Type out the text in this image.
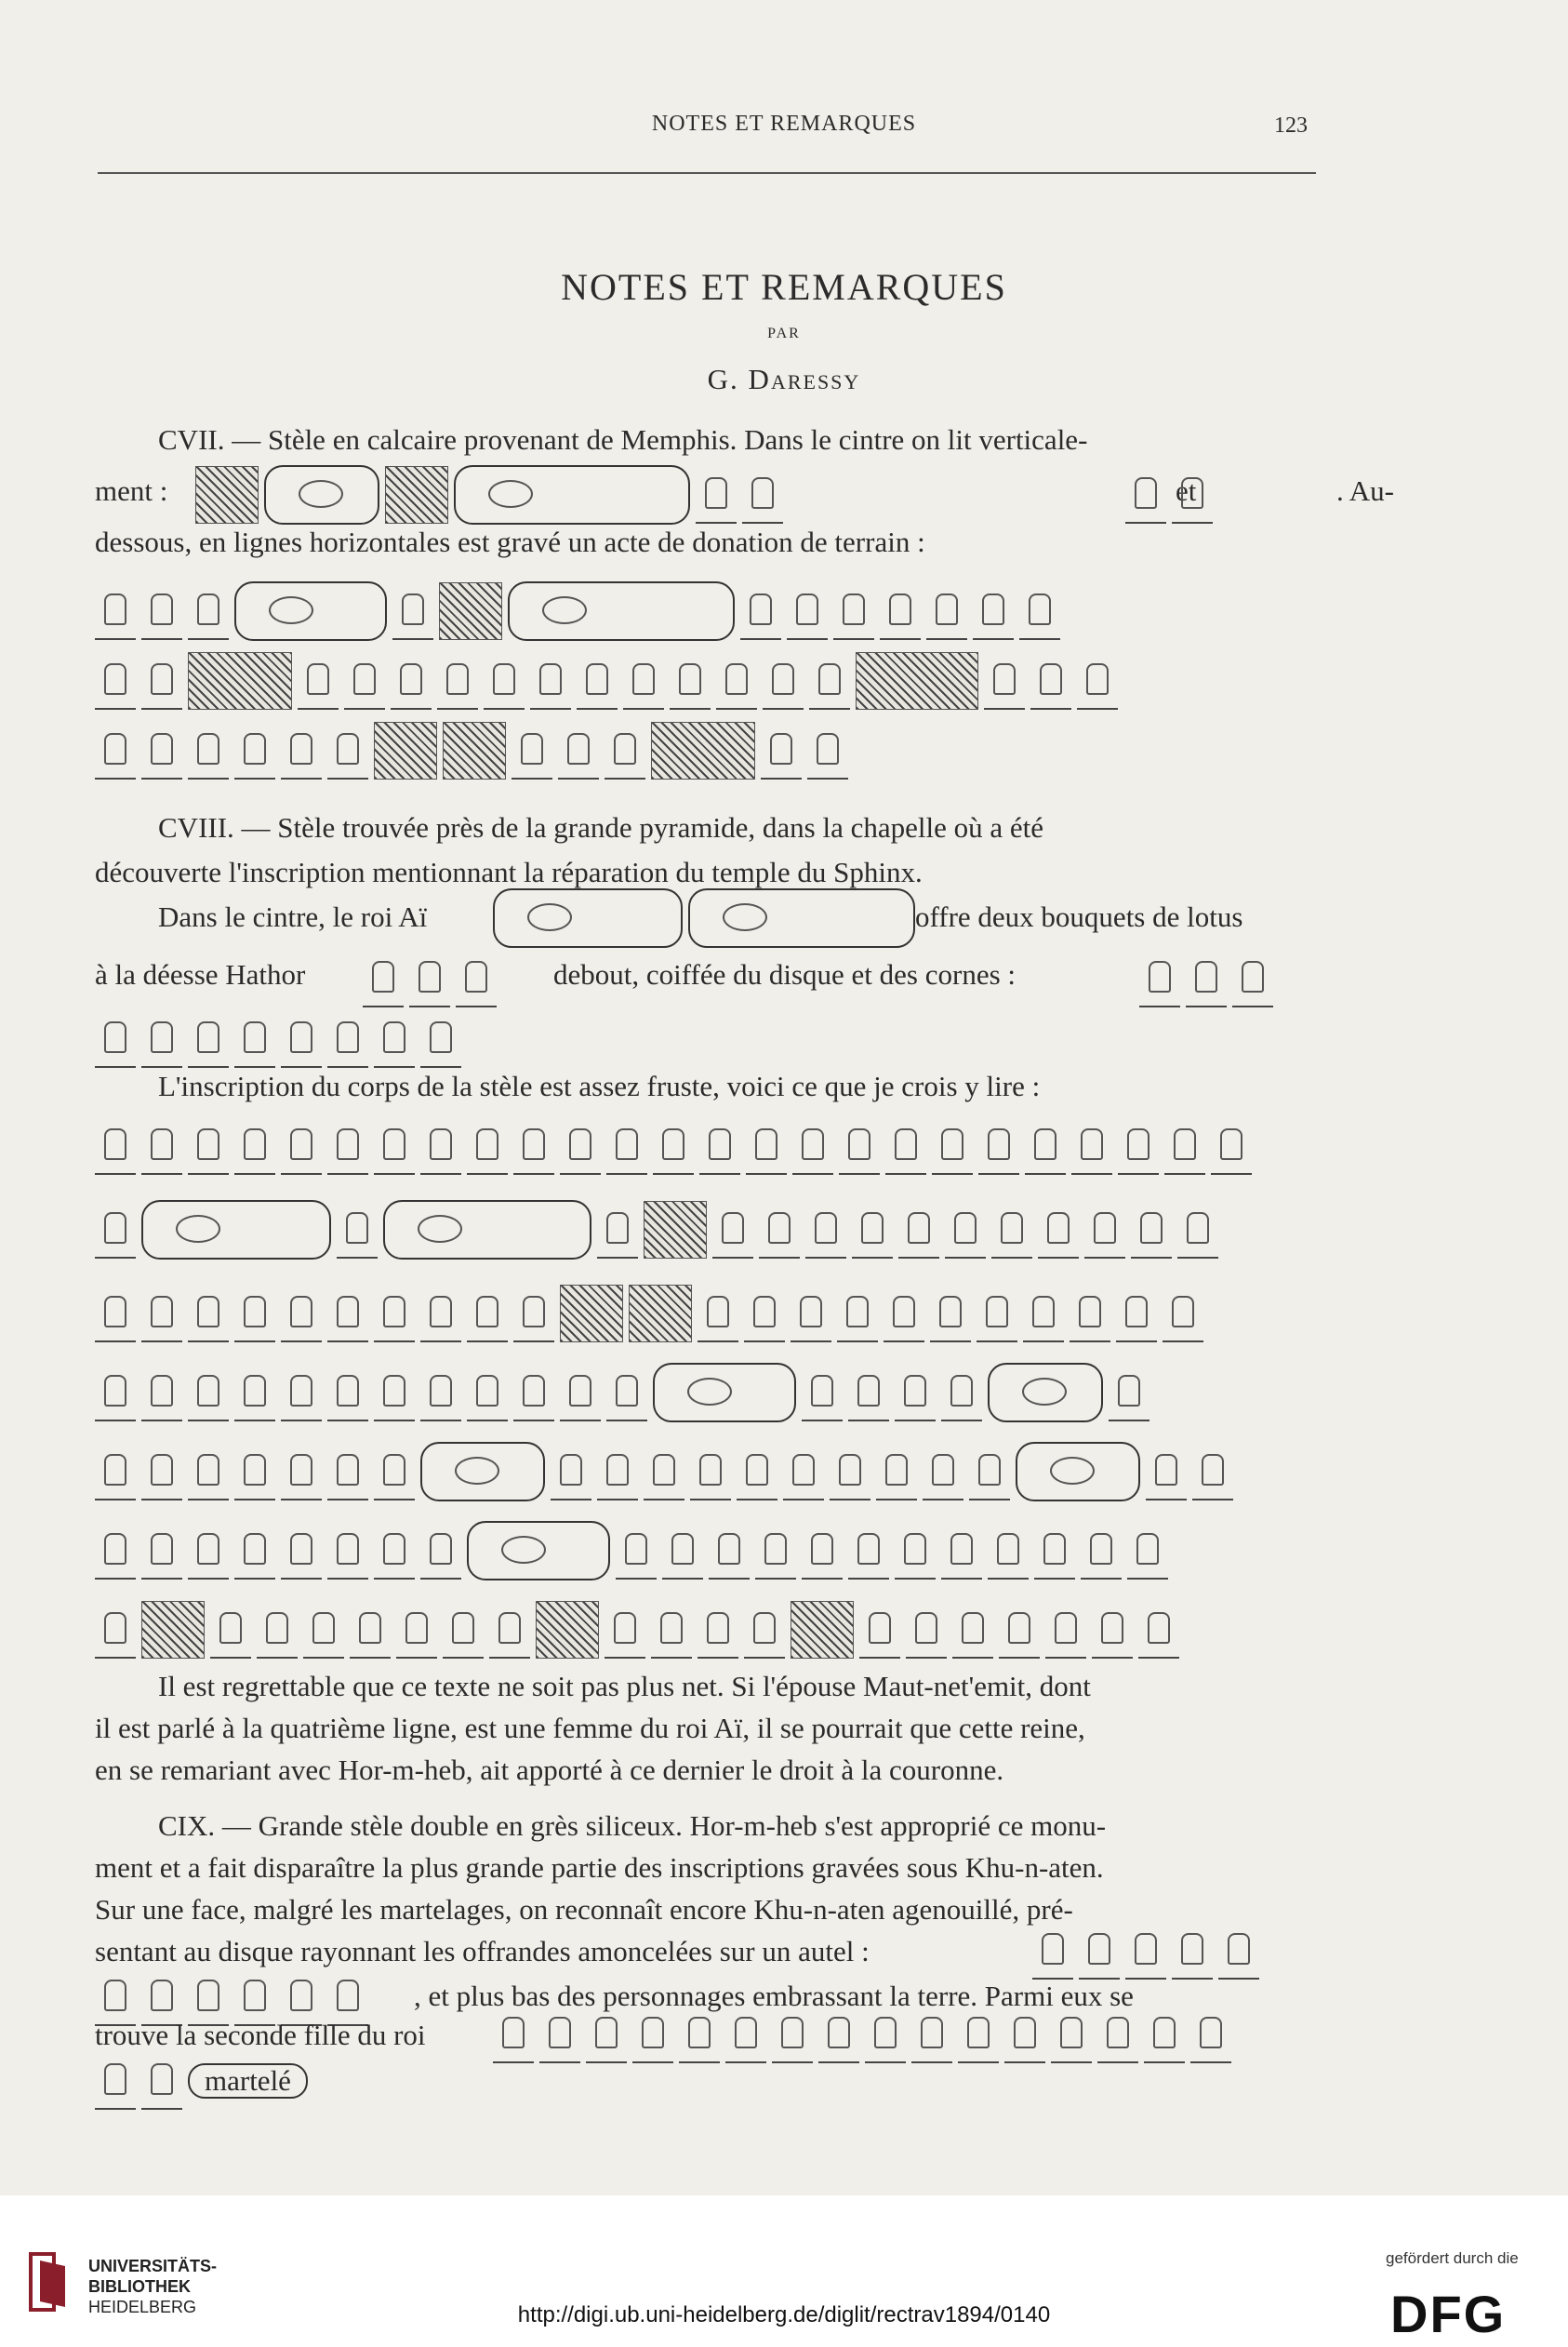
NOTES ET REMARQUES	123
NOTES ET REMARQUES
PAR
G. Daressy
CVII. — Stèle en calcaire provenant de Memphis. Dans le cintre on lit verticale-
ment :	et	. Au-
dessous, en lignes horizontales est gravé un acte de donation de terrain :
CVIII. — Stèle trouvée près de la grande pyramide, dans la chapelle où a été
découverte l'inscription mentionnant la réparation du temple du Sphinx.
Dans le cintre, le roi Aï	offre deux bouquets de lotus
à la déesse Hathor	debout, coiffée du disque et des cornes :
L'inscription du corps de la stèle est assez fruste, voici ce que je crois y lire :
Il est regrettable que ce texte ne soit pas plus net. Si l'épouse Maut-net'emit, dont
il est parlé à la quatrième ligne, est une femme du roi Aï, il se pourrait que cette reine,
en se remariant avec Hor-m-heb, ait apporté à ce dernier le droit à la couronne.
CIX. — Grande stèle double en grès siliceux. Hor-m-heb s'est approprié ce monu-
ment et a fait disparaître la plus grande partie des inscriptions gravées sous Khu-n-aten.
Sur une face, malgré les martelages, on reconnaît encore Khu-n-aten agenouillé, pré-
sentant au disque rayonnant les offrandes amoncelées sur un autel :
, et plus bas des personnages embrassant la terre. Parmi eux se
trouve la seconde fille du roi
martelé
UNIVERSITÄTS-
BIBLIOTHEK
HEIDELBERG	http://digi.ub.uni-heidelberg.de/diglit/rectrav1894/0140
gefördert durch die
DFG
